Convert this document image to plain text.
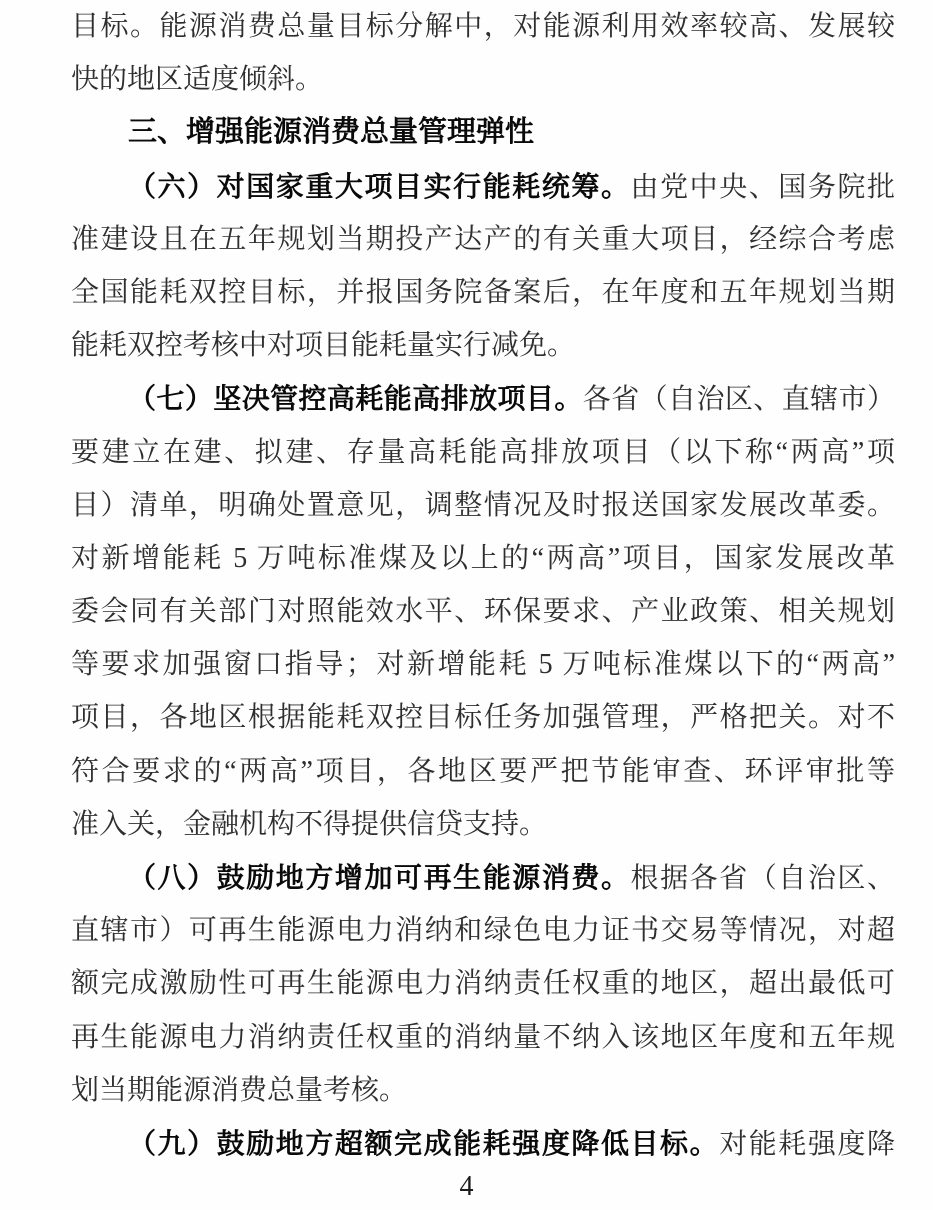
目标。能源消费总量目标分解中，对能源利用效率较高、发展较
快的地区适度倾斜。
三、增强能源消费总量管理弹性
（六）对国家重大项目实行能耗统筹。由党中央、国务院批
准建设且在五年规划当期投产达产的有关重大项目，经综合考虑
全国能耗双控目标，并报国务院备案后，在年度和五年规划当期
能耗双控考核中对项目能耗量实行减免。
（七）坚决管控高耗能高排放项目。各省（自治区、直辖市）
要建立在建、拟建、存量高耗能高排放项目（以下称“两高”项
目）清单，明确处置意见，调整情况及时报送国家发展改革委。
对新增能耗 5 万吨标准煤及以上的“两高”项目，国家发展改革
委会同有关部门对照能效水平、环保要求、产业政策、相关规划
等要求加强窗口指导；对新增能耗 5 万吨标准煤以下的“两高”
项目，各地区根据能耗双控目标任务加强管理，严格把关。对不
符合要求的“两高”项目，各地区要严把节能审查、环评审批等
准入关，金融机构不得提供信贷支持。
（八）鼓励地方增加可再生能源消费。根据各省（自治区、
直辖市）可再生能源电力消纳和绿色电力证书交易等情况，对超
额完成激励性可再生能源电力消纳责任权重的地区，超出最低可
再生能源电力消纳责任权重的消纳量不纳入该地区年度和五年规
划当期能源消费总量考核。
（九）鼓励地方超额完成能耗强度降低目标。对能耗强度降
4
